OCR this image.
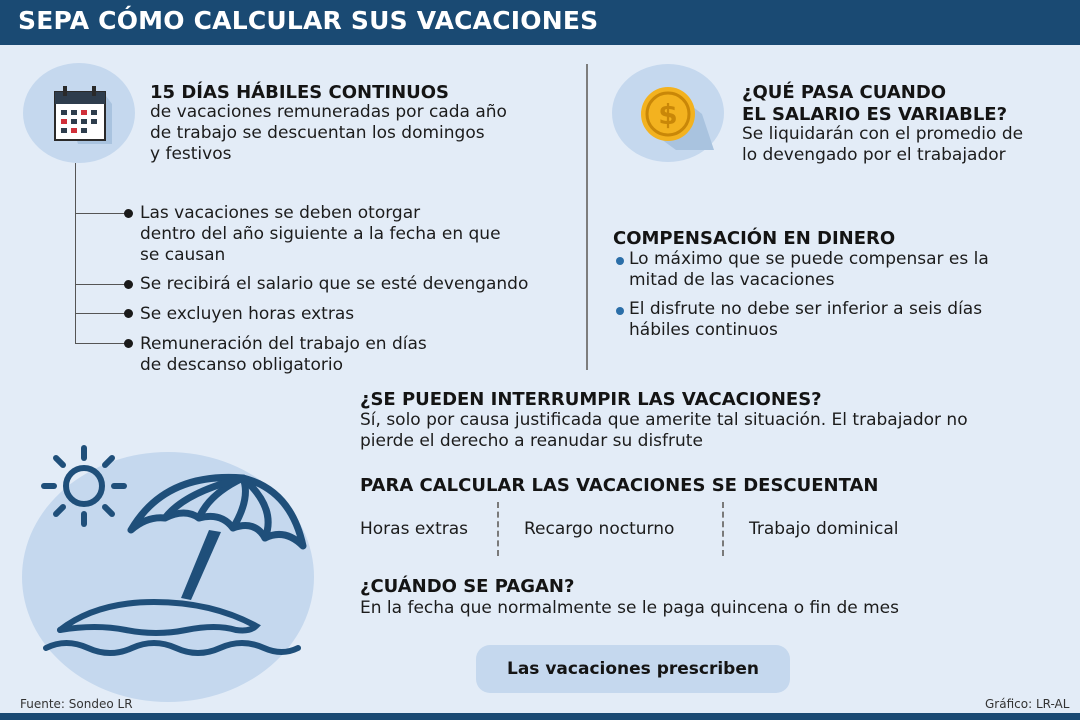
SEPA CÓMO CALCULAR SUS VACACIONES
15 DÍAS HÁBILES CONTINUOS
de vacaciones remuneradas por cada año
de trabajo se descuentan los domingos
y festivos
Las vacaciones se deben otorgar
dentro del año siguiente a la fecha en que
se causan
Se recibirá el salario que se esté devengando
Se excluyen horas extras
Remuneración del trabajo en días
de descanso obligatorio
$
¿QUÉ PASA CUANDO
EL SALARIO ES VARIABLE?
Se liquidarán con el promedio de
lo devengado por el trabajador
COMPENSACIÓN EN DINERO
Lo máximo que se puede compensar es la
mitad de las vacaciones
El disfrute no debe ser inferior a seis días
hábiles continuos
¿SE PUEDEN INTERRUMPIR LAS VACACIONES?
Sí, solo por causa justificada que amerite tal situación. El trabajador no
pierde el derecho a reanudar su disfrute
PARA CALCULAR LAS VACACIONES SE DESCUENTAN
Horas extras	Recargo nocturno	Trabajo dominical
¿CUÁNDO SE PAGAN?
En la fecha que normalmente se le paga quincena o fin de mes
Las vacaciones prescriben
Fuente: Sondeo LR	Gráfico: LR-AL
